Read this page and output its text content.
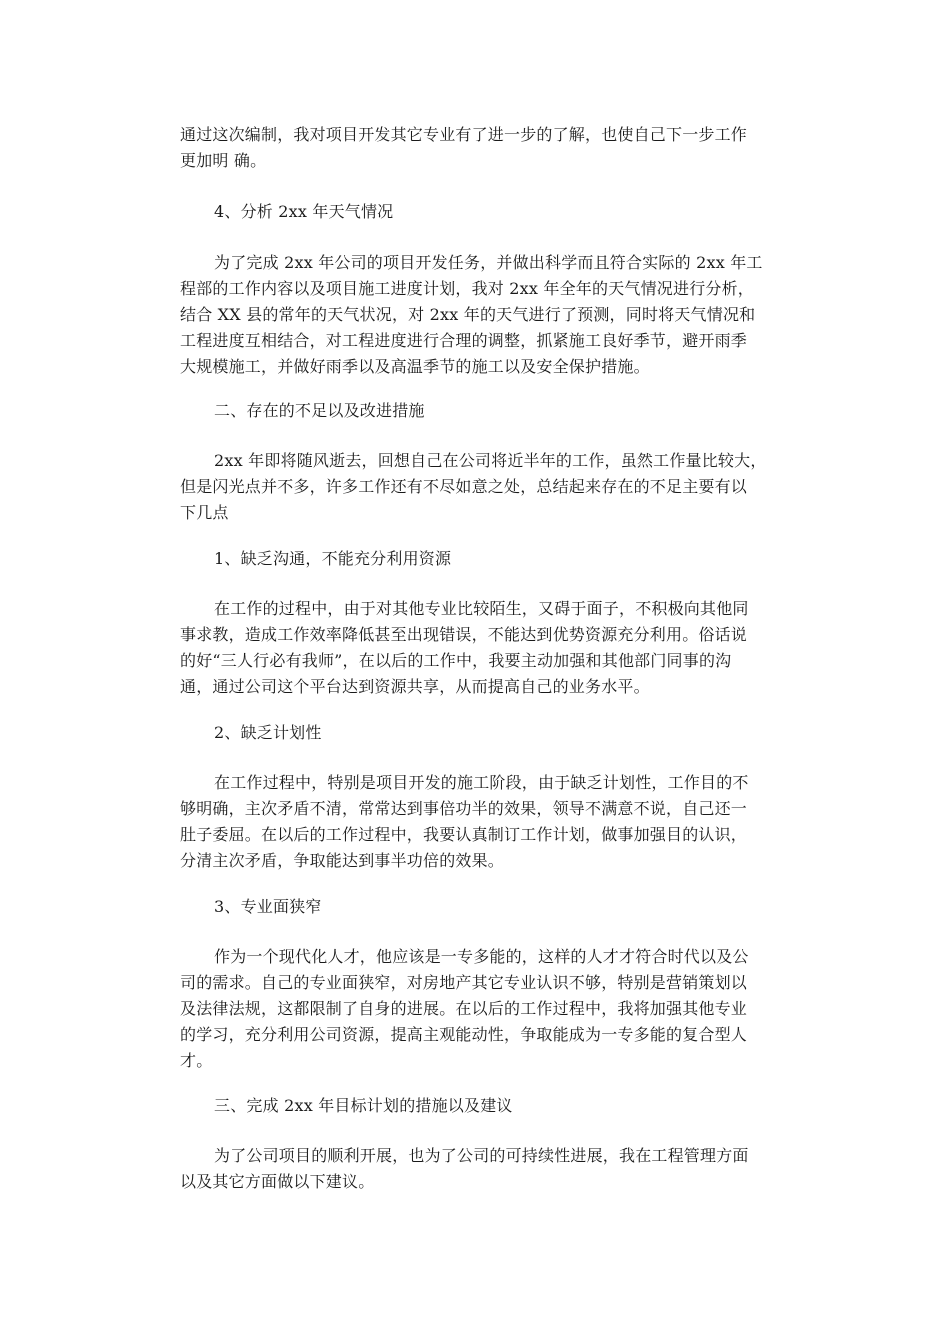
通过这次编制，我对项目开发其它专业有了进一步的了解，也使自己下一步工作
更加明 确。

4、分析 2xx 年天气情况

为了完成 2xx 年公司的项目开发任务，并做出科学而且符合实际的 2xx 年工
程部的工作内容以及项目施工进度计划，我对 2xx 年全年的天气情况进行分析，
结合 XX 县的常年的天气状况，对 2xx 年的天气进行了预测，同时将天气情况和
工程进度互相结合，对工程进度进行合理的调整，抓紧施工良好季节，避开雨季
大规模施工，并做好雨季以及高温季节的施工以及安全保护措施。

二、存在的不足以及改进措施

2xx 年即将随风逝去，回想自己在公司将近半年的工作，虽然工作量比较大，
但是闪光点并不多，许多工作还有不尽如意之处，总结起来存在的不足主要有以
下几点

1、缺乏沟通，不能充分利用资源

在工作的过程中，由于对其他专业比较陌生，又碍于面子，不积极向其他同
事求教，造成工作效率降低甚至出现错误，不能达到优势资源充分利用。俗话说
的好“三人行必有我师”，在以后的工作中，我要主动加强和其他部门同事的沟
通，通过公司这个平台达到资源共享，从而提高自己的业务水平。

2、缺乏计划性

在工作过程中，特别是项目开发的施工阶段，由于缺乏计划性，工作目的不
够明确，主次矛盾不清，常常达到事倍功半的效果，领导不满意不说，自己还一
肚子委屈。在以后的工作过程中，我要认真制订工作计划，做事加强目的认识，
分清主次矛盾，争取能达到事半功倍的效果。

3、专业面狭窄

作为一个现代化人才，他应该是一专多能的，这样的人才才符合时代以及公
司的需求。自己的专业面狭窄，对房地产其它专业认识不够，特别是营销策划以
及法律法规，这都限制了自身的进展。在以后的工作过程中，我将加强其他专业
的学习，充分利用公司资源，提高主观能动性，争取能成为一专多能的复合型人
才。

三、完成 2xx 年目标计划的措施以及建议

为了公司项目的顺利开展，也为了公司的可持续性进展，我在工程管理方面
以及其它方面做以下建议。
